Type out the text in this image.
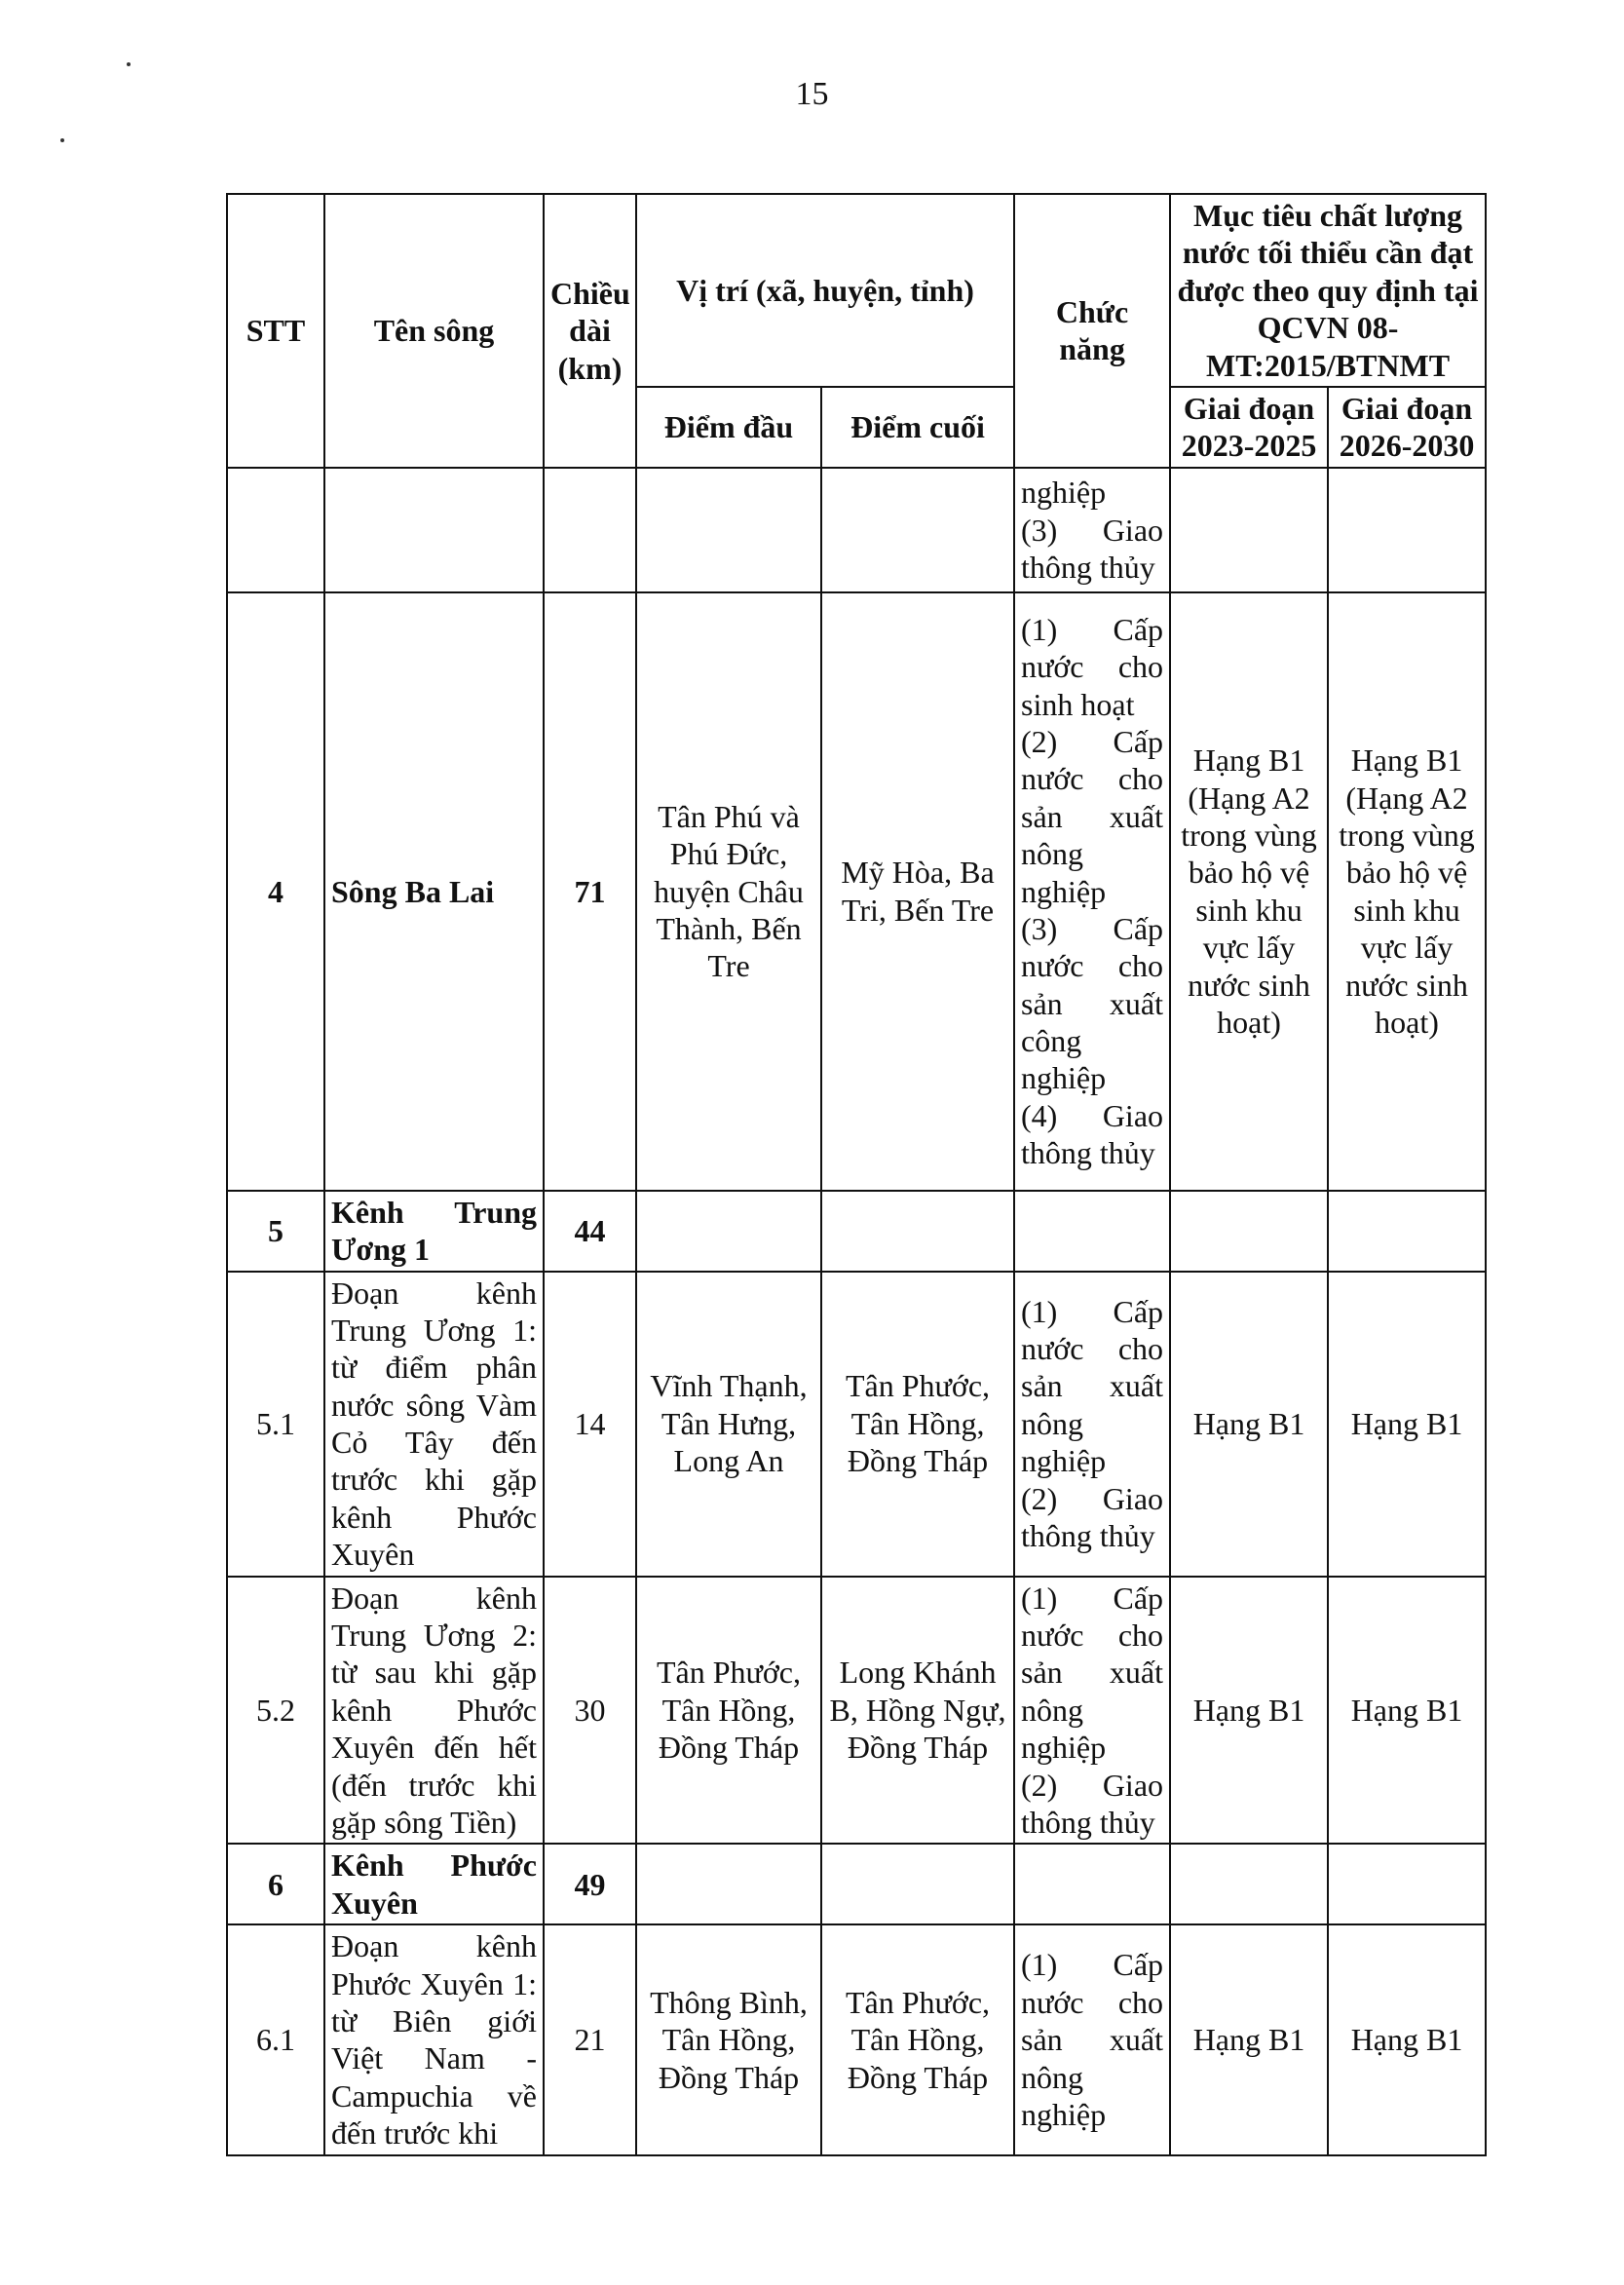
15
STT	Tên sông	Chiều dài (km)	Vị trí (xã, huyện, tỉnh)		Chức năng	Mục tiêu chất lượng nước tối thiểu cần đạt được theo quy định tại QCVN 08-MT:2015/BTNMT	
			Điểm đầu	Điểm cuối		Giai đoạn 2023-2025	Giai đoạn 2026-2030

					nghiệp
(3) Giao thông thủy		

4	Sông Ba Lai	71	Tân Phú và Phú Đức, huyện Châu Thành, Bến Tre	Mỹ Hòa, Ba Tri, Bến Tre	(1) Cấp nước cho sinh hoạt
(2) Cấp nước cho sản xuất nông nghiệp
(3) Cấp nước cho sản xuất công nghiệp
(4) Giao thông thủy	Hạng B1 (Hạng A2 trong vùng bảo hộ vệ sinh khu vực lấy nước sinh hoạt)	Hạng B1 (Hạng A2 trong vùng bảo hộ vệ sinh khu vực lấy nước sinh hoạt)
5	Kênh Trung Ương 1	44					
5.1	Đoạn kênh Trung Ương 1: từ điểm phân nước sông Vàm Cỏ Tây đến trước khi gặp kênh Phước Xuyên	14	Vĩnh Thạnh, Tân Hưng, Long An	Tân Phước, Tân Hồng, Đồng Tháp	(1) Cấp nước cho sản xuất nông nghiệp
(2) Giao thông thủy	Hạng B1	Hạng B1
5.2	Đoạn kênh Trung Ương 2: từ sau khi gặp kênh Phước Xuyên đến hết (đến trước khi gặp sông Tiền)	30	Tân Phước, Tân Hồng, Đồng Tháp	Long Khánh B, Hồng Ngự, Đồng Tháp	(1) Cấp nước cho sản xuất nông nghiệp
(2) Giao thông thủy	Hạng B1	Hạng B1
6	Kênh Phước Xuyên	49					
6.1	Đoạn kênh Phước Xuyên 1: từ Biên giới Việt Nam - Campuchia về đến trước khi	21	Thông Bình, Tân Hồng, Đồng Tháp	Tân Phước, Tân Hồng, Đồng Tháp	(1) Cấp nước cho sản xuất nông nghiệp	Hạng B1	Hạng B1
